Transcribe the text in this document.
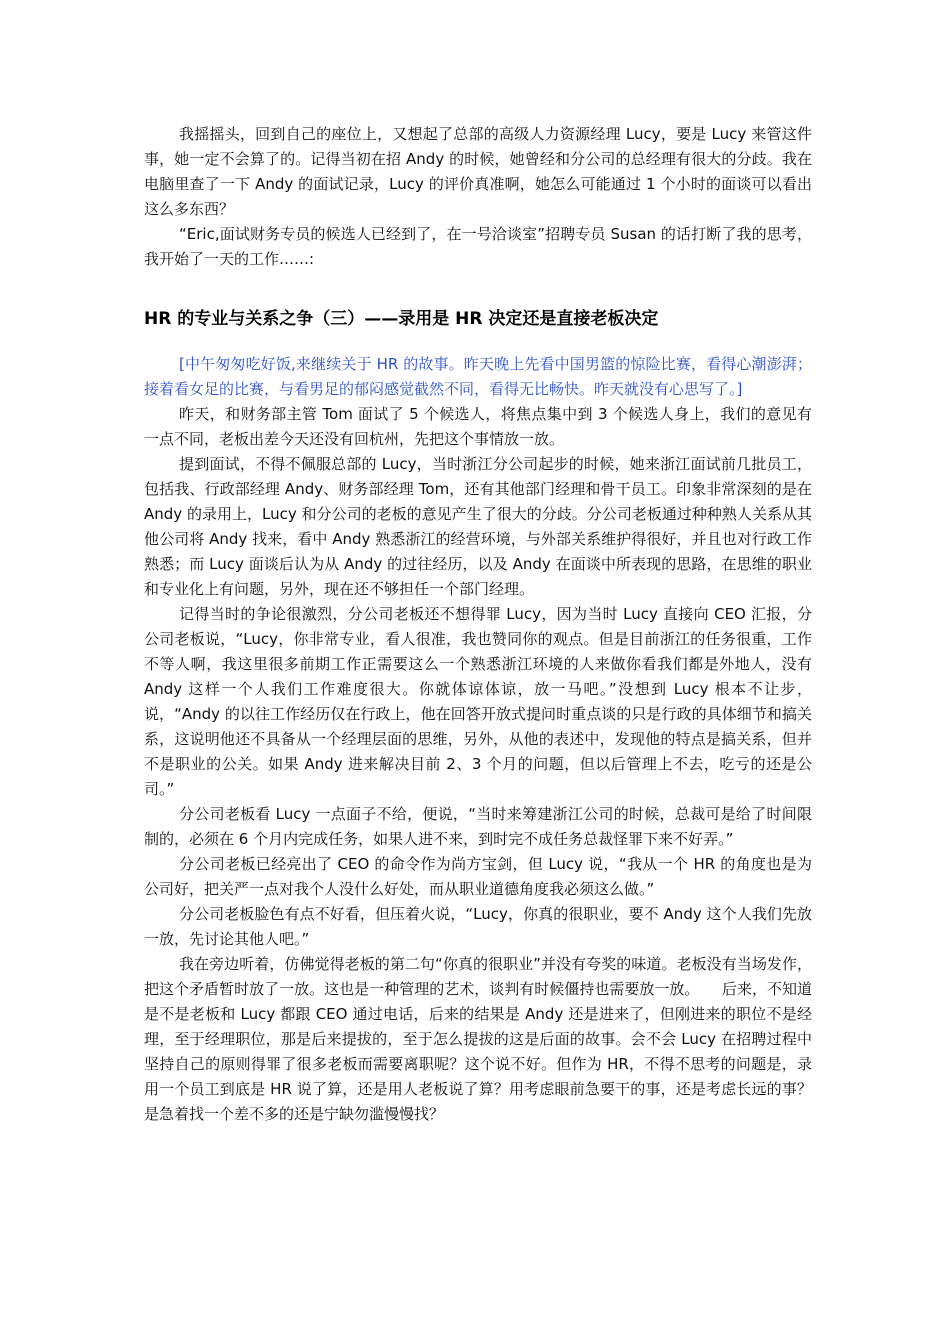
我摇摇头，回到自己的座位上，又想起了总部的高级人力资源经理 Lucy，要是 Lucy 来管这件事，她一定不会算了的。记得当初在招 Andy 的时候，她曾经和分公司的总经理有很大的分歧。我在电脑里查了一下 Andy 的面试记录，Lucy 的评价真准啊，她怎么可能通过 1 个小时的面谈可以看出这么多东西？

“Eric,面试财务专员的候选人已经到了，在一号洽谈室”招聘专员 Susan 的话打断了我的思考，我开始了一天的工作……:

HR 的专业与关系之争（三）——录用是 HR 决定还是直接老板决定

[中午匆匆吃好饭,来继续关于 HR 的故事。昨天晚上先看中国男篮的惊险比赛，看得心潮澎湃；接着看女足的比赛，与看男足的郁闷感觉截然不同，看得无比畅快。昨天就没有心思写了。]

昨天，和财务部主管 Tom 面试了 5 个候选人，将焦点集中到 3 个候选人身上，我们的意见有一点不同，老板出差今天还没有回杭州，先把这个事情放一放。

提到面试，不得不佩服总部的 Lucy，当时浙江分公司起步的时候，她来浙江面试前几批员工，包括我、行政部经理 Andy、财务部经理 Tom，还有其他部门经理和骨干员工。印象非常深刻的是在 Andy 的录用上，Lucy 和分公司的老板的意见产生了很大的分歧。分公司老板通过种种熟人关系从其他公司将 Andy 找来，看中 Andy 熟悉浙江的经营环境，与外部关系维护得很好，并且也对行政工作熟悉；而 Lucy 面谈后认为从 Andy 的过往经历，以及 Andy 在面谈中所表现的思路，在思维的职业和专业化上有问题，另外，现在还不够担任一个部门经理。

记得当时的争论很激烈，分公司老板还不想得罪 Lucy，因为当时 Lucy 直接向 CEO 汇报，分公司老板说，“Lucy，你非常专业，看人很准，我也赞同你的观点。但是目前浙江的任务很重，工作不等人啊，我这里很多前期工作正需要这么一个熟悉浙江环境的人来做你看我们都是外地人，没有 Andy 这样一个人我们工作难度很大。你就体谅体谅，放一马吧。”没想到 Lucy 根本不让步，说，“Andy 的以往工作经历仅在行政上，他在回答开放式提问时重点谈的只是行政的具体细节和搞关系，这说明他还不具备从一个经理层面的思维，另外，从他的表述中，发现他的特点是搞关系，但并不是职业的公关。如果 Andy 进来解决目前 2、3 个月的问题，但以后管理上不去，吃亏的还是公司。”

分公司老板看 Lucy 一点面子不给，便说，“当时来筹建浙江公司的时候，总裁可是给了时间限制的，必须在 6 个月内完成任务，如果人进不来，到时完不成任务总裁怪罪下来不好弄。”

分公司老板已经亮出了 CEO 的命令作为尚方宝剑，但 Lucy 说，“我从一个 HR 的角度也是为公司好，把关严一点对我个人没什么好处，而从职业道德角度我必须这么做。”

分公司老板脸色有点不好看，但压着火说，“Lucy，你真的很职业，要不 Andy 这个人我们先放一放，先讨论其他人吧。”

我在旁边听着，仿佛觉得老板的第二句“你真的很职业”并没有夸奖的味道。老板没有当场发作，把这个矛盾暂时放了一放。这也是一种管理的艺术，谈判有时候僵持也需要放一放。　　后来，不知道是不是老板和 Lucy 都跟 CEO 通过电话，后来的结果是 Andy 还是进来了，但刚进来的职位不是经理，至于经理职位，那是后来提拔的，至于怎么提拔的这是后面的故事。会不会 Lucy 在招聘过程中坚持自己的原则得罪了很多老板而需要离职呢？这个说不好。但作为 HR，不得不思考的问题是，录用一个员工到底是 HR 说了算，还是用人老板说了算？用考虑眼前急要干的事，还是考虑长远的事？是急着找一个差不多的还是宁缺勿滥慢慢找？
